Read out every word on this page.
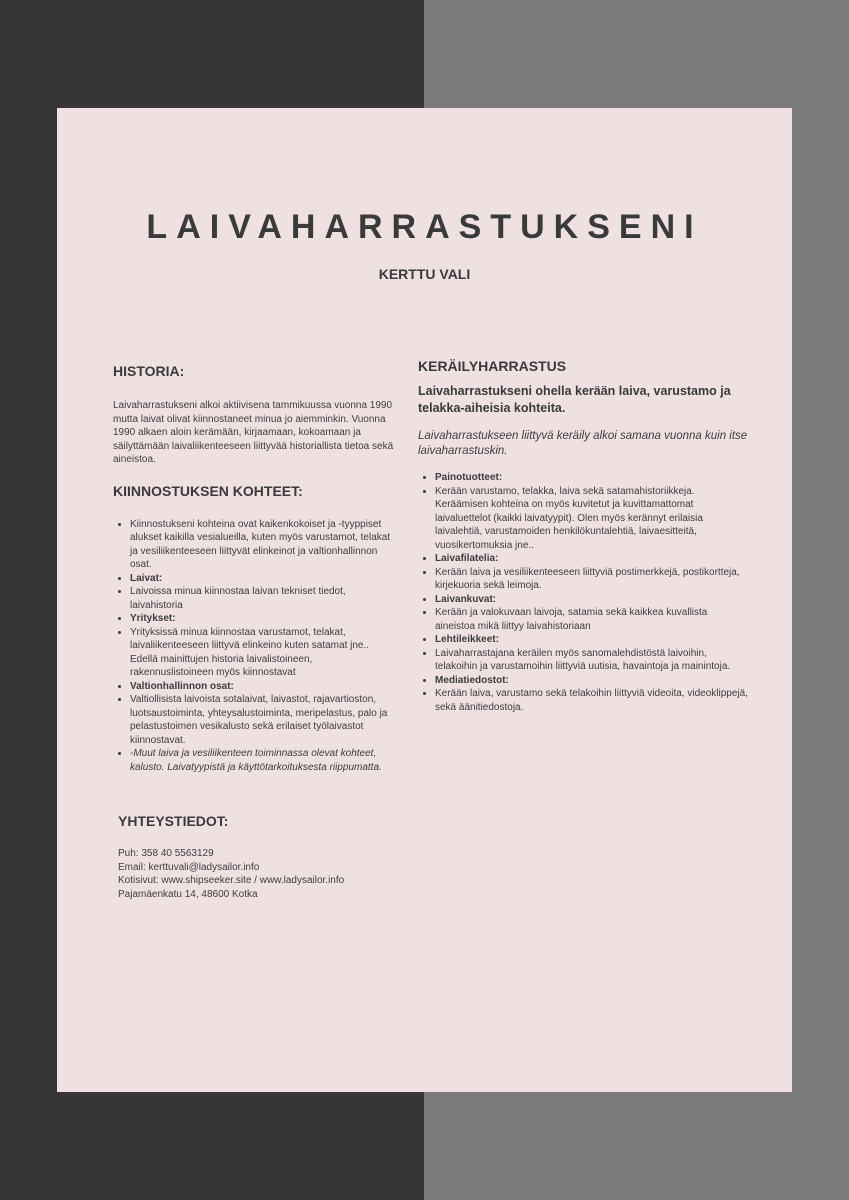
LAIVAHARRASTUKSENI
KERTTU VALI
HISTORIA:

Laivaharrastukseni alkoi aktiivisena tammikuussa vuonna 1990 mutta laivat olivat kiinnostaneet minua jo aiemminkin. Vuonna 1990 alkaen aloin kerämään, kirjaamaan, kokoamaan ja säilyttämään laivaliikenteeseen liittyvää historiallista tietoa sekä aineistoa.

KIINNOSTUKSEN KOHTEET:
• Kiinnostukseni kohteina ovat kaikenkokoiset ja -tyyppiset alukset kaikilla vesialueilla, kuten myös varustamot, telakat ja vesiliikenteeseen liittyvät elinkeinot ja valtionhallinnon osat.
• Laivat:
• Laivoissa minua kiinnostaa laivan tekniset tiedot, laivahistoria
• Yritykset:
• Yrityksissä minua kiinnostaa varustamot, telakat, laivaliikenteeseen liittyvä elinkeino kuten satamat jne.. Edellä mainittujen historia laivalistoineen, rakennuslistoineen myös kiinnostavat
• Valtionhallinnon osat:
• Valtiollisista laivoista sotalaivat, laivastot, rajavartioston, luotsaustoiminta, yhteysalustoiminta, meripelastus, palo ja pelastustoimen vesikalusto sekä erilaiset työlaivastot kiinnostavat.
• -Muut laiva ja vesiliikenteen toiminnassa olevat kohteet, kalusto. Laivatyypistä ja käyttötarkoituksesta riippumatta.
KERÄILYHARRASTUS

Laivaharrastukseni ohella kerään laiva, varustamo ja telakka-aiheisia kohteita.

Laivaharrastukseen liittyvä keräily alkoi samana vuonna kuin itse laivaharrastuskin.

• Painotuotteet:
• Kerään varustamo, telakka, laiva sekä satamahistoriikkeja. Keräämisen kohteina on myös kuvitetut ja kuvittamattomat laivaluettelot (kaikki laivatyypit). Olen myös kerännyt erilaisia laivalehtiä, varustamoiden henkilökuntalehtiä, laivaesitteitä, vuosikertomuksia jne..
• Laivafilatelia:
• Kerään laiva ja vesiliikenteeseen liittyviä postimerkkejä, postikortteja, kirjekuoria sekä leimoja.
• Laivankuvat:
• Kerään ja valokuvaan laivoja, satamia sekä kaikkea kuvallista aineistoa mikä liittyy laivahistoriaan
• Lehtileikkeet:
• Laivaharrastajana keräilen myös sanomalehdistöstä laivoihin, telakoihin ja varustamoihin liittyviä uutisia, havaintoja ja mainintoja.
• Mediatiedostot:
• Kerään laiva, varustamo sekä telakoihin liittyviä videoita, videoklippejä, sekä äänitiedostoja.
YHTEYSTIEDOT:
Puh: 358 40 5563129
Email: kerttuvali@ladysailor.info
Kotisivut: www.shipseeker.site / www.ladysailor.info
Pajamäenkatu 14, 48600 Kotka
